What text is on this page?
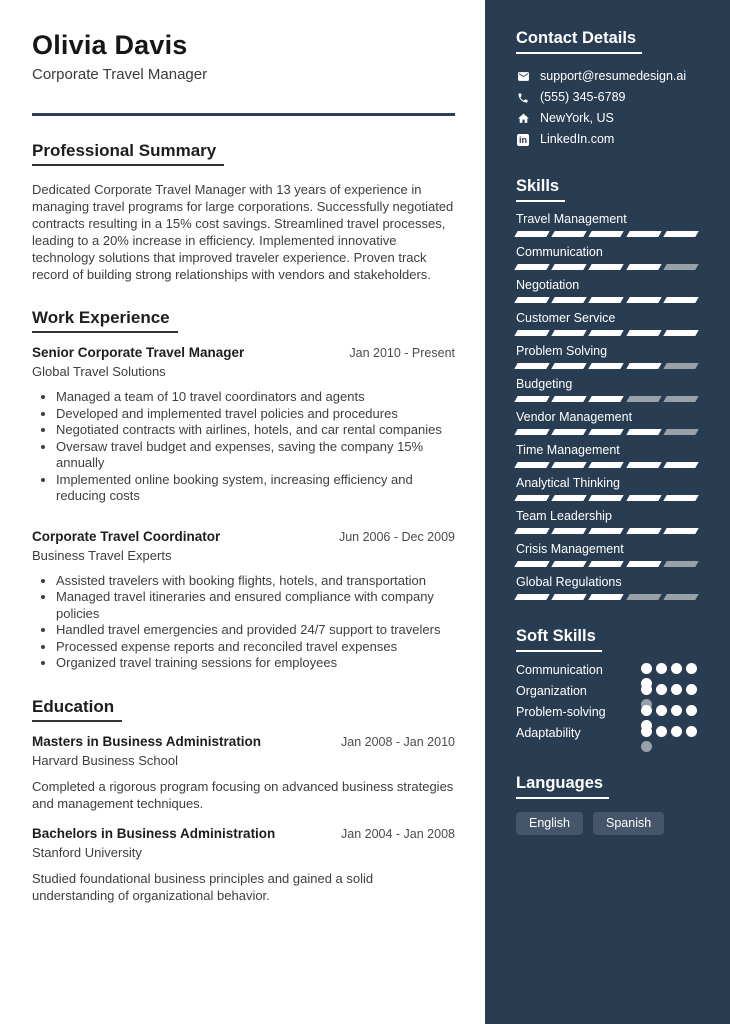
Olivia Davis
Corporate Travel Manager
Professional Summary

Dedicated Corporate Travel Manager with 13 years of experience in managing travel programs for large corporations. Successfully negotiated contracts resulting in a 15% cost savings. Streamlined travel processes, leading to a 20% increase in efficiency. Implemented innovative technology solutions that improved traveler experience. Proven track record of building strong relationships with vendors and stakeholders.

Work Experience
Senior Corporate Travel Manager	Jan 2010 - Present
Global Travel Solutions
• Managed a team of 10 travel coordinators and agents
• Developed and implemented travel policies and procedures
• Negotiated contracts with airlines, hotels, and car rental companies
• Oversaw travel budget and expenses, saving the company 15% annually
• Implemented online booking system, increasing efficiency and reducing costs
Corporate Travel Coordinator	Jun 2006 - Dec 2009
Business Travel Experts
• Assisted travelers with booking flights, hotels, and transportation
• Managed travel itineraries and ensured compliance with company policies
• Handled travel emergencies and provided 24/7 support to travelers
• Processed expense reports and reconciled travel expenses
• Organized travel training sessions for employees
Education
Masters in Business Administration	Jan 2008 - Jan 2010
Harvard Business School
Completed a rigorous program focusing on advanced business strategies and management techniques.
Bachelors in Business Administration	Jan 2004 - Jan 2008
Stanford University
Studied foundational business principles and gained a solid understanding of organizational behavior.
Contact Details
support@resumedesign.ai
(555) 345-6789
NewYork, US
in LinkedIn.com
Skills
Travel Management
Communication
Negotiation
Customer Service
Problem Solving
Budgeting
Vendor Management
Time Management
Analytical Thinking
Team Leadership
Crisis Management
Global Regulations
Soft Skills
Communication
Organization
Problem-solving
Adaptability
Languages
English	Spanish
